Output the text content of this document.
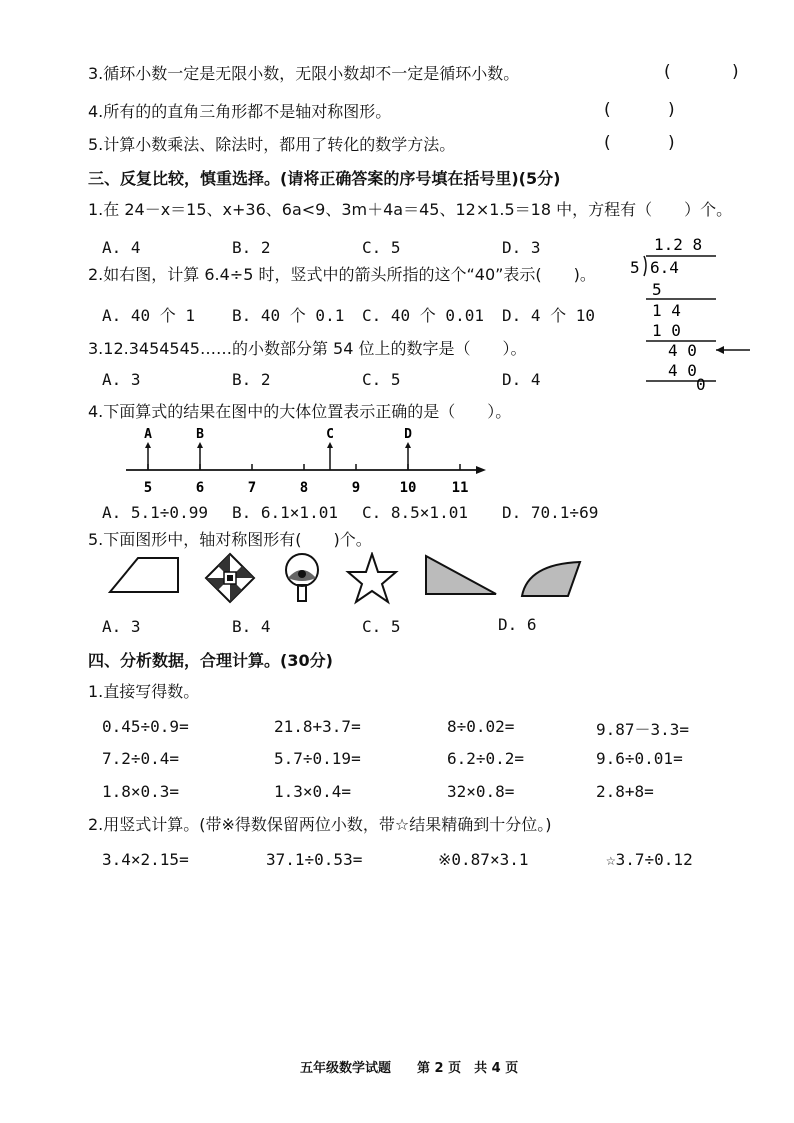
3.循环小数一定是无限小数，无限小数却不一定是循环小数。	(	)
4.所有的的直角三角形都不是轴对称图形。	(	)
5.计算小数乘法、除法时，都用了转化的数学方法。	(	)
三、反复比较，慎重选择。(请将正确答案的序号填在括号里)(5分)
1.在 24－x＝15、x+36、6a<9、3m＋4a＝45、12×1.5＝18 中，方程有（　　）个。
A. 4	B. 2	C. 5	D. 3
2.如右图，计算 6.4÷5 时，竖式中的箭头所指的这个“40”表示(　　)。
A. 40 个 1 B. 40 个 0.1 C. 40 个 0.01 D. 4 个 10
1.2 8
5 6.4
5
1 4
1 0
4 0
4 0
0
3.12.3454545……的小数部分第 54 位上的数字是（　　）。
A. 3	B. 2	C. 5	D. 4
4.下面算式的结果在图中的大体位置表示正确的是（　　）。
5	6	7	8	9	10	11
A	B	C	D
A. 5.1÷0.99 B. 6.1×1.01 C. 8.5×1.01 D. 70.1÷69
5.下面图形中，轴对称图形有(　　)个。
A. 3	B. 4	C. 5	D. 6
四、分析数据，合理计算。(30分)
1.直接写得数。
0.45÷0.9=	21.8+3.7=	8÷0.02=	9.87－3.3=
7.2÷0.4=	5.7÷0.19=	6.2÷0.2=	9.6÷0.01=
1.8×0.3=	1.3×0.4=	32×0.8=	2.8+8=
2.用竖式计算。(带※得数保留两位小数，带☆结果精确到十分位。)
3.4×2.15=	37.1÷0.53=	※0.87×3.1	☆3.7÷0.12
五年级数学试题　　第 2 页　共 4 页
